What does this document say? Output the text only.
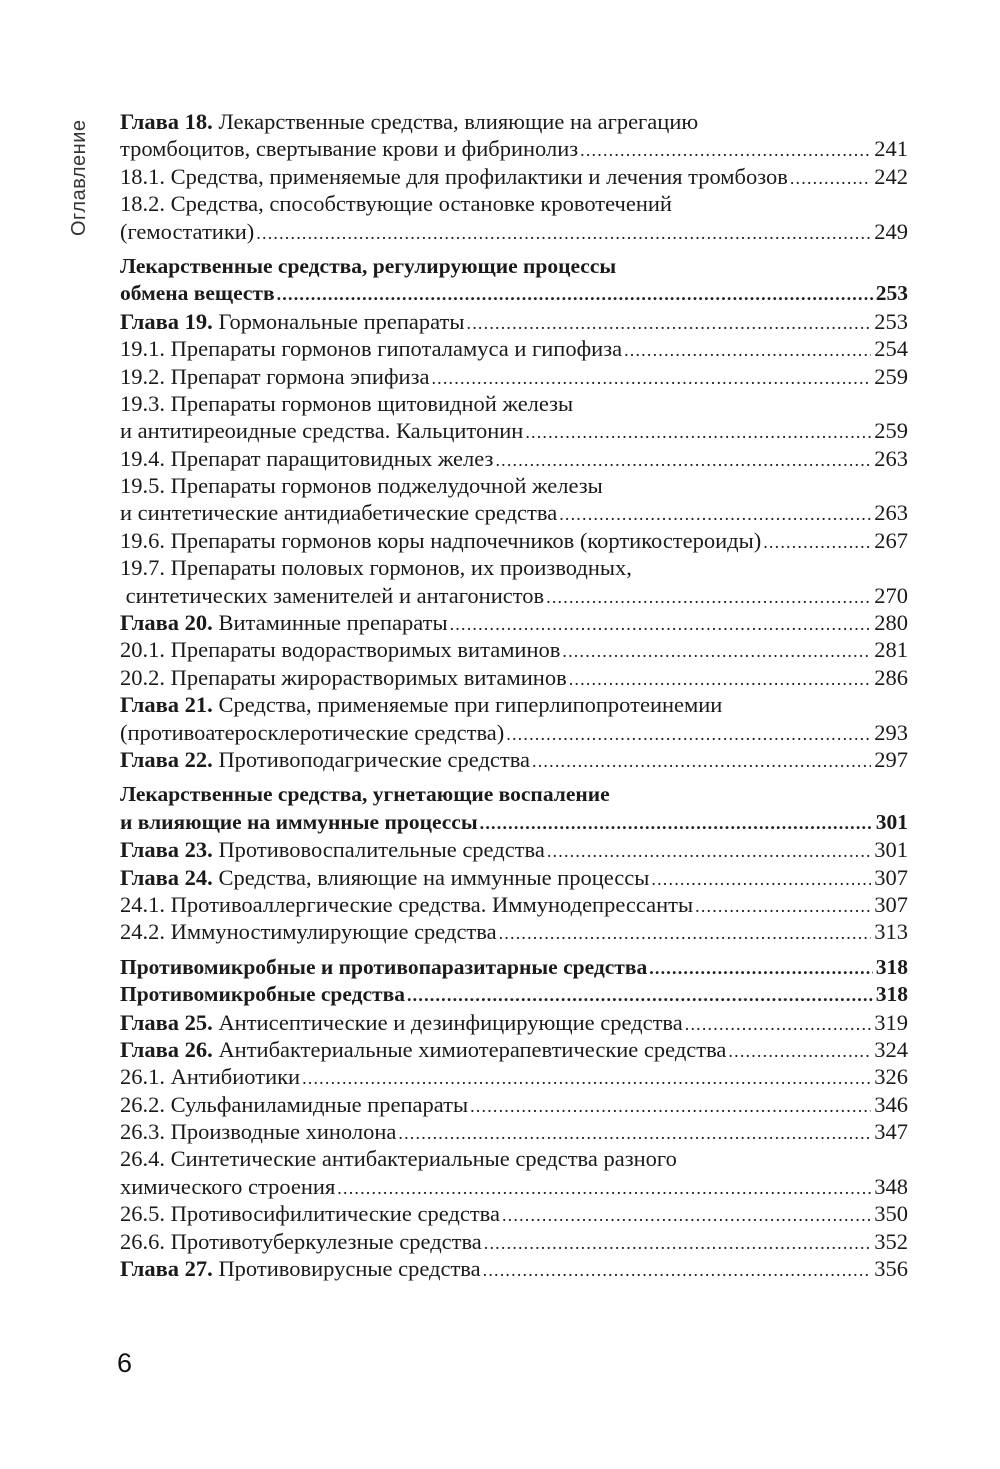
Оглавление Глава 18. Лекарственные средства, влияющие на агрегацию
тромбоцитов, свертывание крови и фибринолиз .....	241
18.1. Средства, применяемые для профилактики и лечения тромбозов .....	242
18.2. Средства, способствующие остановке кровотечений
(гемостатики) .....	249
Лекарственные средства, регулирующие процессы
обмена веществ .....	253
Глава 19. Гормональные препараты .....	253
19.1. Препараты гормонов гипоталамуса и гипофиза .....	254
19.2. Препарат гормона эпифиза .....	259
19.3. Препараты гормонов щитовидной железы
и антитиреоидные средства. Кальцитонин .....	259
19.4. Препарат паращитовидных желез .....	263
19.5. Препараты гормонов поджелудочной железы
и синтетические антидиабетические средства .....	263
19.6. Препараты гормонов коры надпочечников (кортикостероиды) .....	267
19.7. Препараты половых гормонов, их производных,
синтетических заменителей и антагонистов .....	270
Глава 20. Витаминные препараты .....	280
20.1. Препараты водорастворимых витаминов .....	281
20.2. Препараты жирорастворимых витаминов .....	286
Глава 21. Средства, применяемые при гиперлипопротеинемии
(противоатеросклеротические средства) .....	293
Глава 22. Противоподагрические средства .....	297
Лекарственные средства, угнетающие воспаление
и влияющие на иммунные процессы .....	301
Глава 23. Противовоспалительные средства .....	301
Глава 24. Средства, влияющие на иммунные процессы .....	307
24.1. Противоаллергические средства. Иммунодепрессанты .....	307
24.2. Иммуностимулирующие средства .....	313
Противомикробные и противопаразитарные средства .....	318
Противомикробные средства .....	318
Глава 25. Антисептические и дезинфицирующие средства .....	319
Глава 26. Антибактериальные химиотерапевтические средства .....	324
26.1. Антибиотики .....	326
26.2. Сульфаниламидные препараты .....	346
26.3. Производные хинолона .....	347
26.4. Синтетические антибактериальные средства разного
химического строения .....	348
26.5. Противосифилитические средства .....	350
26.6. Противотуберкулезные средства .....	352
Глава 27. Противовирусные средства .....	356
6
